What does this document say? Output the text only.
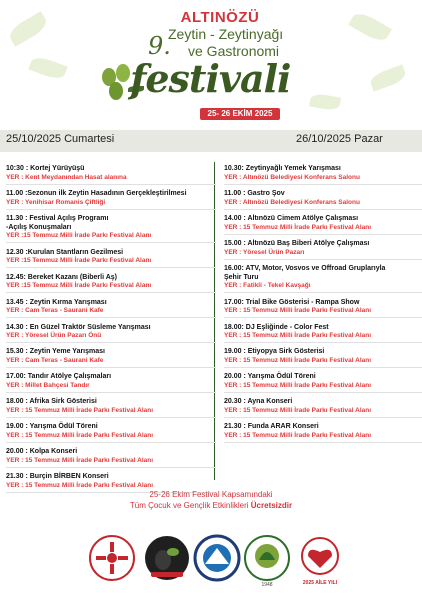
ALTINÖZÜ
9.
Zeytin - Zeytinyağı
ve Gastronomi
festivali
25- 26 EKİM 2025
25/10/2025 Cumartesi	26/10/2025 Pazar
10:30 : Kortej Yürüyüşü
YER : Kent Meydanından Hasat alanına
11.00 :Sezonun ilk Zeytin Hasadının Gerçekleştirilmesi
YER : Yenihisar Romanis Çiftliği
11.30 : Festival Açılış Programı
-Açılış Konuşmaları
YER :15 Temmuz Milli İrade Parkı Festival Alanı
12.30 :Kurulan Stantların Gezilmesi
YER :15 Temmuz Milli İrade Parkı Festival Alanı
12.45: Bereket Kazanı (Biberli Aş)
YER :15 Temmuz Milli İrade Parkı Festival Alanı
13.45 : Zeytin Kırma Yarışması
YER : Cam Teras - Saurani Kafe
14.30 : En Güzel Traktör Süsleme Yarışması
YER : Yöresel Ürün Pazarı Önü
15.30 : Zeytin Yeme Yarışması
YER : Cam Teras - Saurani Kafe
17.00: Tandır Atölye Çalışmaları
YER : Millet Bahçesi Tandır
18.00 : Afrika Sirk Gösterisi
YER : 15 Temmuz Milli İrade Parkı Festival Alanı
19.00 : Yarışma Ödül Töreni
YER : 15 Temmuz Milli İrade Parkı Festival Alanı
20.00 : Kolpa Konseri
YER : 15 Temmuz Milli İrade Parkı Festival Alanı
21.30 : Burçin BİRBEN Konseri
YER : 15 Temmuz Milli İrade Parkı Festival Alanı
10.30: Zeytinyağlı Yemek Yarışması
YER : Altınözü Belediyesi Konferans Salonu
11.00 : Gastro Şov
YER : Altınözü Belediyesi Konferans Salonu
14.00 : Altınözü Cimem Atölye Çalışması
YER : 15 Temmuz Milli İrade Parkı Festival Alanı
15.00 : Altınözü Baş Biberi Atölye Çalışması
YER : Yöresel Ürün Pazarı
16.00: ATV, Motor, Vosvos ve Offroad Gruplarıyla
Şehir Turu
YER : Fatikli - Tekel Kavşağı
17.00: Trial Bike Gösterisi - Rampa Show
YER : 15 Temmuz Milli İrade Parkı Festival Alanı
18.00: DJ Eşliğinde - Color Fest
YER : 15 Temmuz Milli İrade Parkı Festival Alanı
19.00 : Etiyopya Sirk Gösterisi
YER : 15 Temmuz Milli İrade Parkı Festival Alanı
20.00 : Yarışma Ödül Töreni
YER : 15 Temmuz Milli İrade Parkı Festival Alanı
20.30 : Ayna Konseri
YER : 15 Temmuz Milli İrade Parkı Festival Alanı
21.30 : Funda ARAR Konseri
YER : 15 Temmuz Milli İrade Parkı Festival Alanı
25-26 Ekim Festival Kapsamındaki
Tüm Çocuk ve Gençlik Etkinlikleri Ücretsizdir
1948	2025 AİLE YILI
